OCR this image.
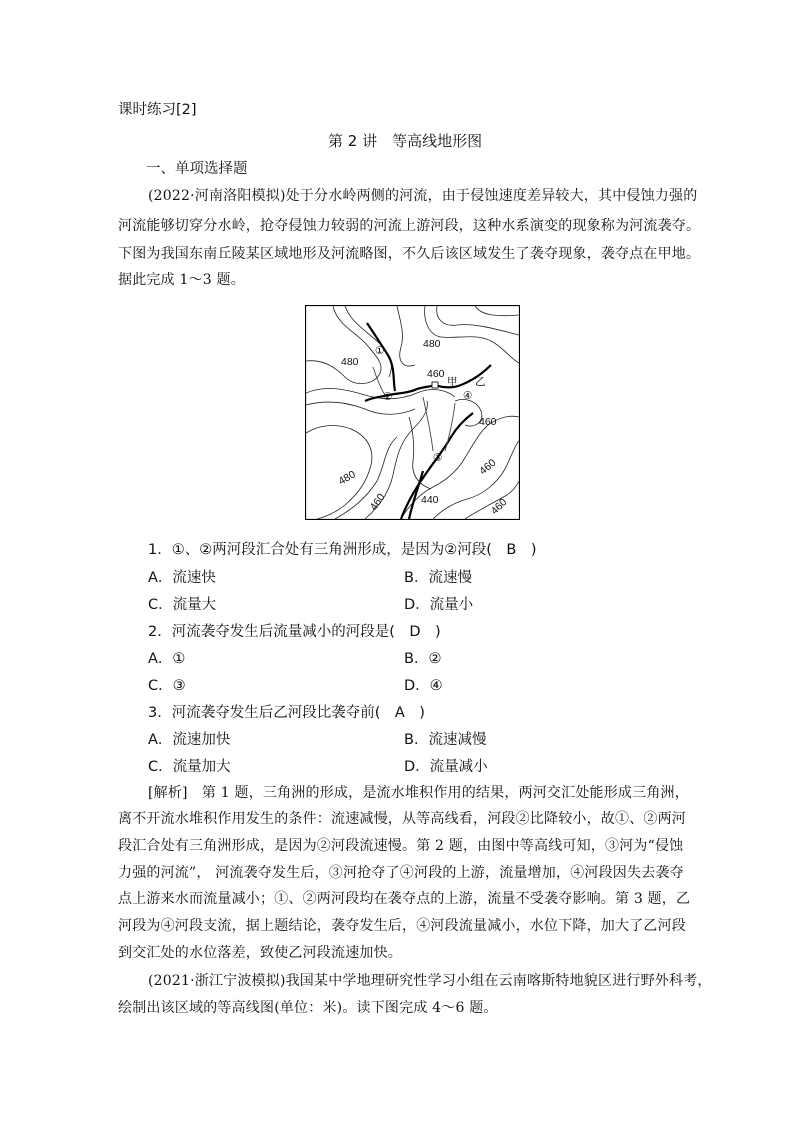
课时练习[2]
第 2 讲　等高线地形图
一、单项选择题
(2022·河南洛阳模拟)处于分水岭两侧的河流，由于侵蚀速度差异较大，其中侵蚀力强的
河流能够切穿分水岭，抢夺侵蚀力较弱的河流上游河段，这种水系演变的现象称为河流袭夺。
下图为我国东南丘陵某区域地形及河流略图，不久后该区域发生了袭夺现象，袭夺点在甲地。
据此完成 1～3 题。
480
480
460
460
460
480
460	440	460
①
②
③
④
甲 乙
1．①、②两河段汇合处有三角洲形成，是因为②河段(　B　)
A．流速快	B．流速慢
C．流量大	D．流量小
2．河流袭夺发生后流量减小的河段是(　D　)
A．①	B．②
C．③	D．④
3．河流袭夺发生后乙河段比袭夺前(　A　)
A．流速加快	B．流速减慢
C．流量加大	D．流量减小
[解析]　第 1 题，三角洲的形成，是流水堆积作用的结果，两河交汇处能形成三角洲，
离不开流水堆积作用发生的条件：流速减慢，从等高线看，河段②比降较小，故①、②两河
段汇合处有三角洲形成，是因为②河段流速慢。第 2 题，由图中等高线可知，③河为“侵蚀
力强的河流”， 河流袭夺发生后，③河抢夺了④河段的上游，流量增加，④河段因失去袭夺
点上游来水而流量减小；①、②两河段均在袭夺点的上游，流量不受袭夺影响。第 3 题，乙
河段为④河段支流，据上题结论，袭夺发生后，④河段流量减小，水位下降，加大了乙河段
到交汇处的水位落差，致使乙河段流速加快。
(2021·浙江宁波模拟)我国某中学地理研究性学习小组在云南喀斯特地貌区进行野外科考，
绘制出该区域的等高线图(单位：米)。读下图完成 4～6 题。
